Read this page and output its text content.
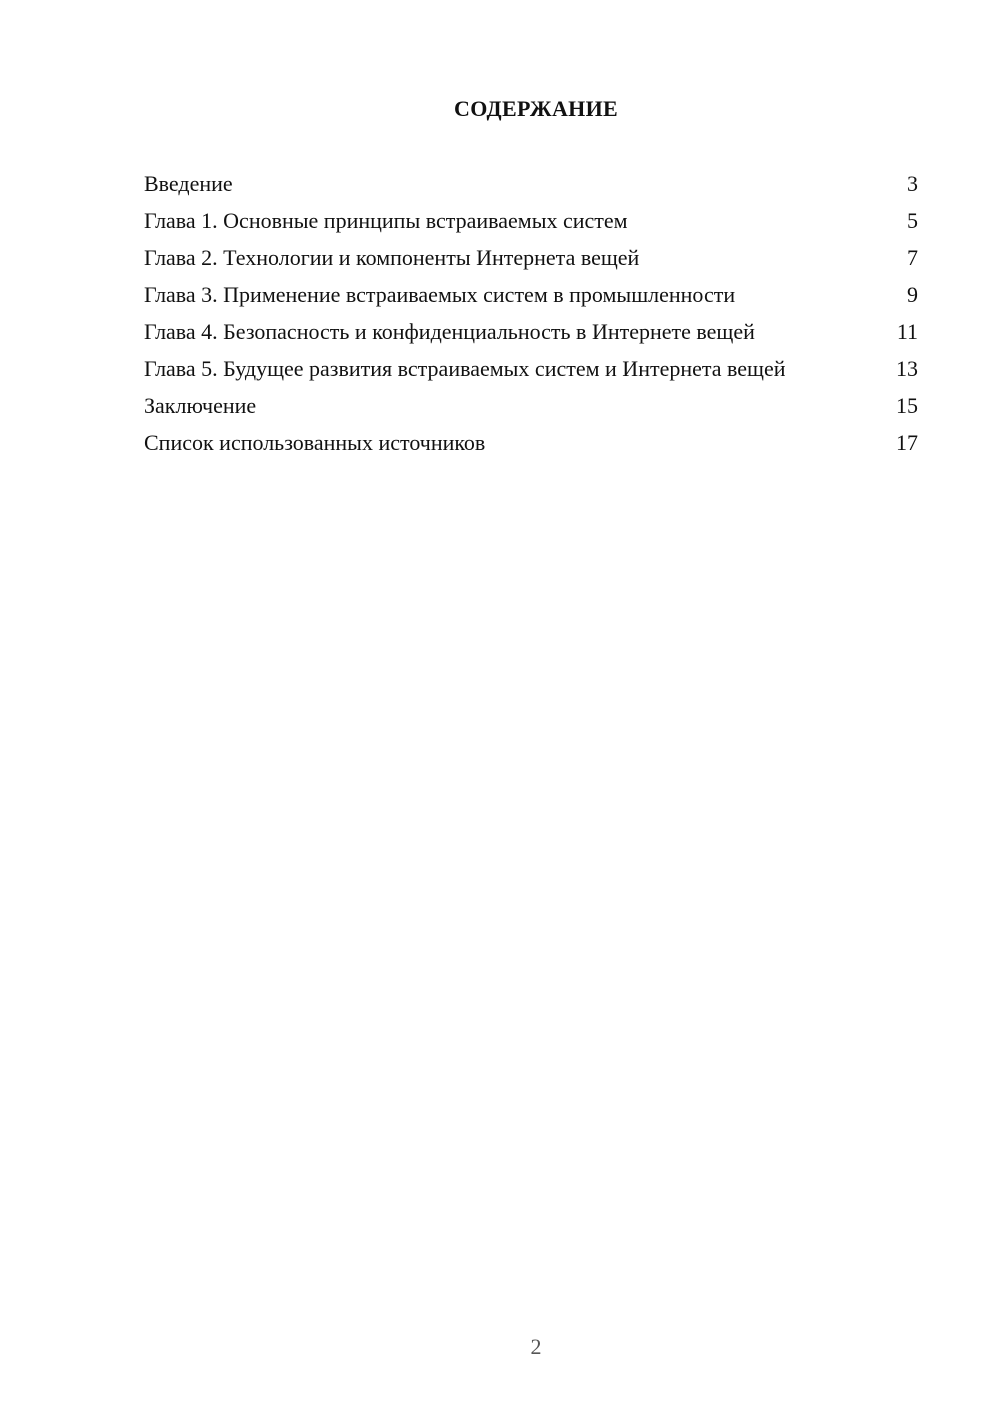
СОДЕРЖАНИЕ
Введение	3
Глава 1. Основные принципы встраиваемых систем	5
Глава 2. Технологии и компоненты Интернета вещей	7
Глава 3. Применение встраиваемых систем в промышленности	9
Глава 4. Безопасность и конфиденциальность в Интернете вещей	11
Глава 5. Будущее развития встраиваемых систем и Интернета вещей	13
Заключение	15
Список использованных источников	17
2
